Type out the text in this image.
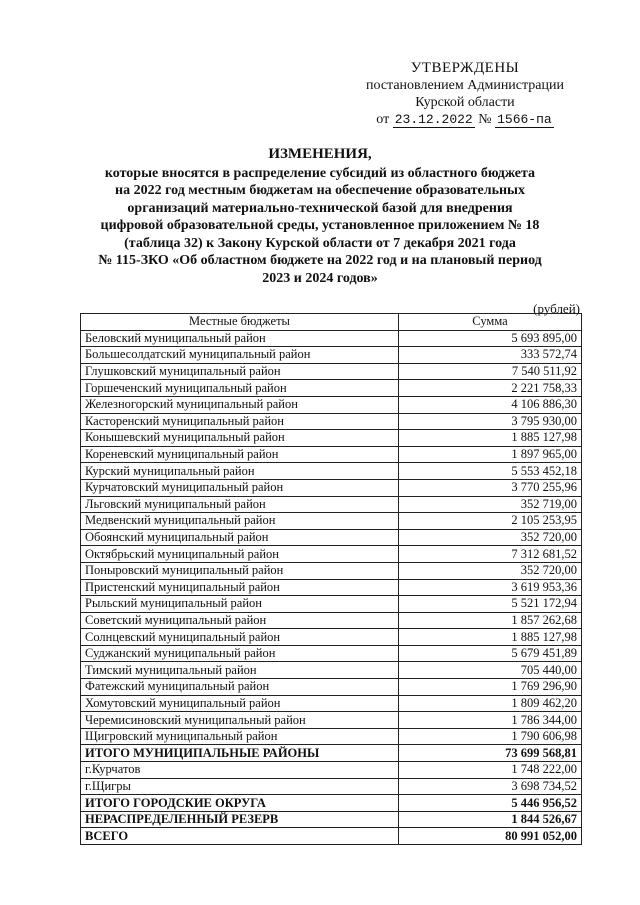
УТВЕРЖДЕНЫ
постановлением Администрации
Курской области
от 23.12.2022 № 1566-па
ИЗМЕНЕНИЯ,
которые вносятся в распределение субсидий из областного бюджета
на 2022 год местным бюджетам на обеспечение образовательных
организаций материально-технической базой для внедрения
цифровой образовательной среды, установленное приложением № 18
(таблица 32) к Закону Курской области от 7 декабря 2021 года
№ 115-ЗКО «Об областном бюджете на 2022 год и на плановый период
2023 и 2024 годов»
(рублей)
Местные бюджеты	Сумма
Беловский муниципальный район	5 693 895,00
Большесолдатский муниципальный район	333 572,74
Глушковский муниципальный район	7 540 511,92
Горшеченский муниципальный район	2 221 758,33
Железногорский муниципальный район	4 106 886,30
Касторенский муниципальный район	3 795 930,00
Конышевский муниципальный район	1 885 127,98
Кореневский муниципальный район	1 897 965,00
Курский муниципальный район	5 553 452,18
Курчатовский муниципальный район	3 770 255,96
Льговский муниципальный район	352 719,00
Медвенский муниципальный район	2 105 253,95
Обоянский муниципальный район	352 720,00
Октябрьский муниципальный район	7 312 681,52
Поныровский муниципальный район	352 720,00
Пристенский муниципальный район	3 619 953,36
Рыльский муниципальный район	5 521 172,94
Советский муниципальный район	1 857 262,68
Солнцевский муниципальный район	1 885 127,98
Суджанский муниципальный район	5 679 451,89
Тимский муниципальный район	705 440,00
Фатежский муниципальный район	1 769 296,90
Хомутовский муниципальный район	1 809 462,20
Черемисиновский муниципальный район	1 786 344,00
Щигровский муниципальный район	1 790 606,98
ИТОГО МУНИЦИПАЛЬНЫЕ РАЙОНЫ	73 699 568,81
г.Курчатов	1 748 222,00
г.Щигры	3 698 734,52
ИТОГО ГОРОДСКИЕ ОКРУГА	5 446 956,52
НЕРАСПРЕДЕЛЕННЫЙ РЕЗЕРВ	1 844 526,67
ВСЕГО	80 991 052,00
